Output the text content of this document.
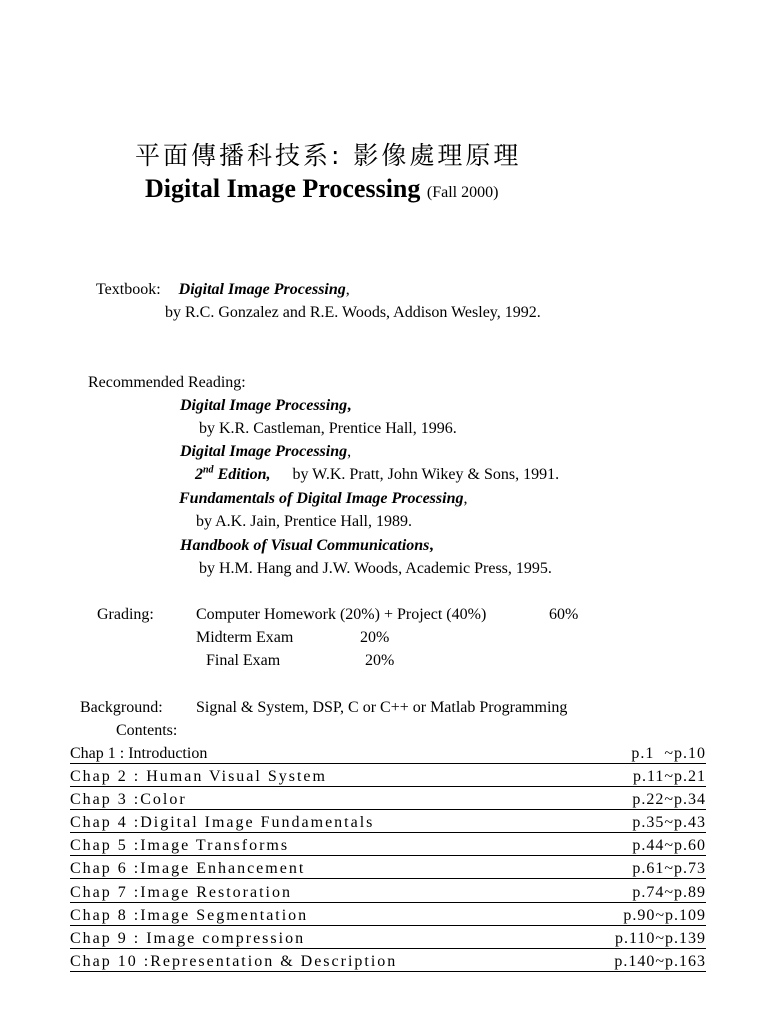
平面傳播科技系: 影像處理原理
Digital Image Processing (Fall 2000)
Textbook: Digital Image Processing,
by R.C. Gonzalez and R.E. Woods, Addison Wesley, 1992.
Recommended Reading:
Digital Image Processing,
by K.R. Castleman, Prentice Hall, 1996.
Digital Image Processing,
2nd Edition, by W.K. Pratt, John Wikey & Sons, 1991.
Fundamentals of Digital Image Processing,
by A.K. Jain, Prentice Hall, 1989.
Handbook of Visual Communications,
by H.M. Hang and J.W. Woods, Academic Press, 1995.
Grading:	Computer Homework (20%) + Project (40%)	60%
Midterm Exam	20%
Final Exam	20%
Background: Signal & System, DSP, C or C++ or Matlab Programming
Contents:
Chap 1 : Introduction	p.1  ~p.10
Chap 2 : Human Visual System	p.11~p.21
Chap 3 :Color	p.22~p.34
Chap 4 :Digital Image Fundamentals	p.35~p.43
Chap 5 :Image Transforms	p.44~p.60
Chap 6 :Image Enhancement	p.61~p.73
Chap 7 :Image Restoration	p.74~p.89
Chap 8 :Image Segmentation	p.90~p.109
Chap 9 : Image compression	p.110~p.139
Chap 10 :Representation & Description	p.140~p.163
